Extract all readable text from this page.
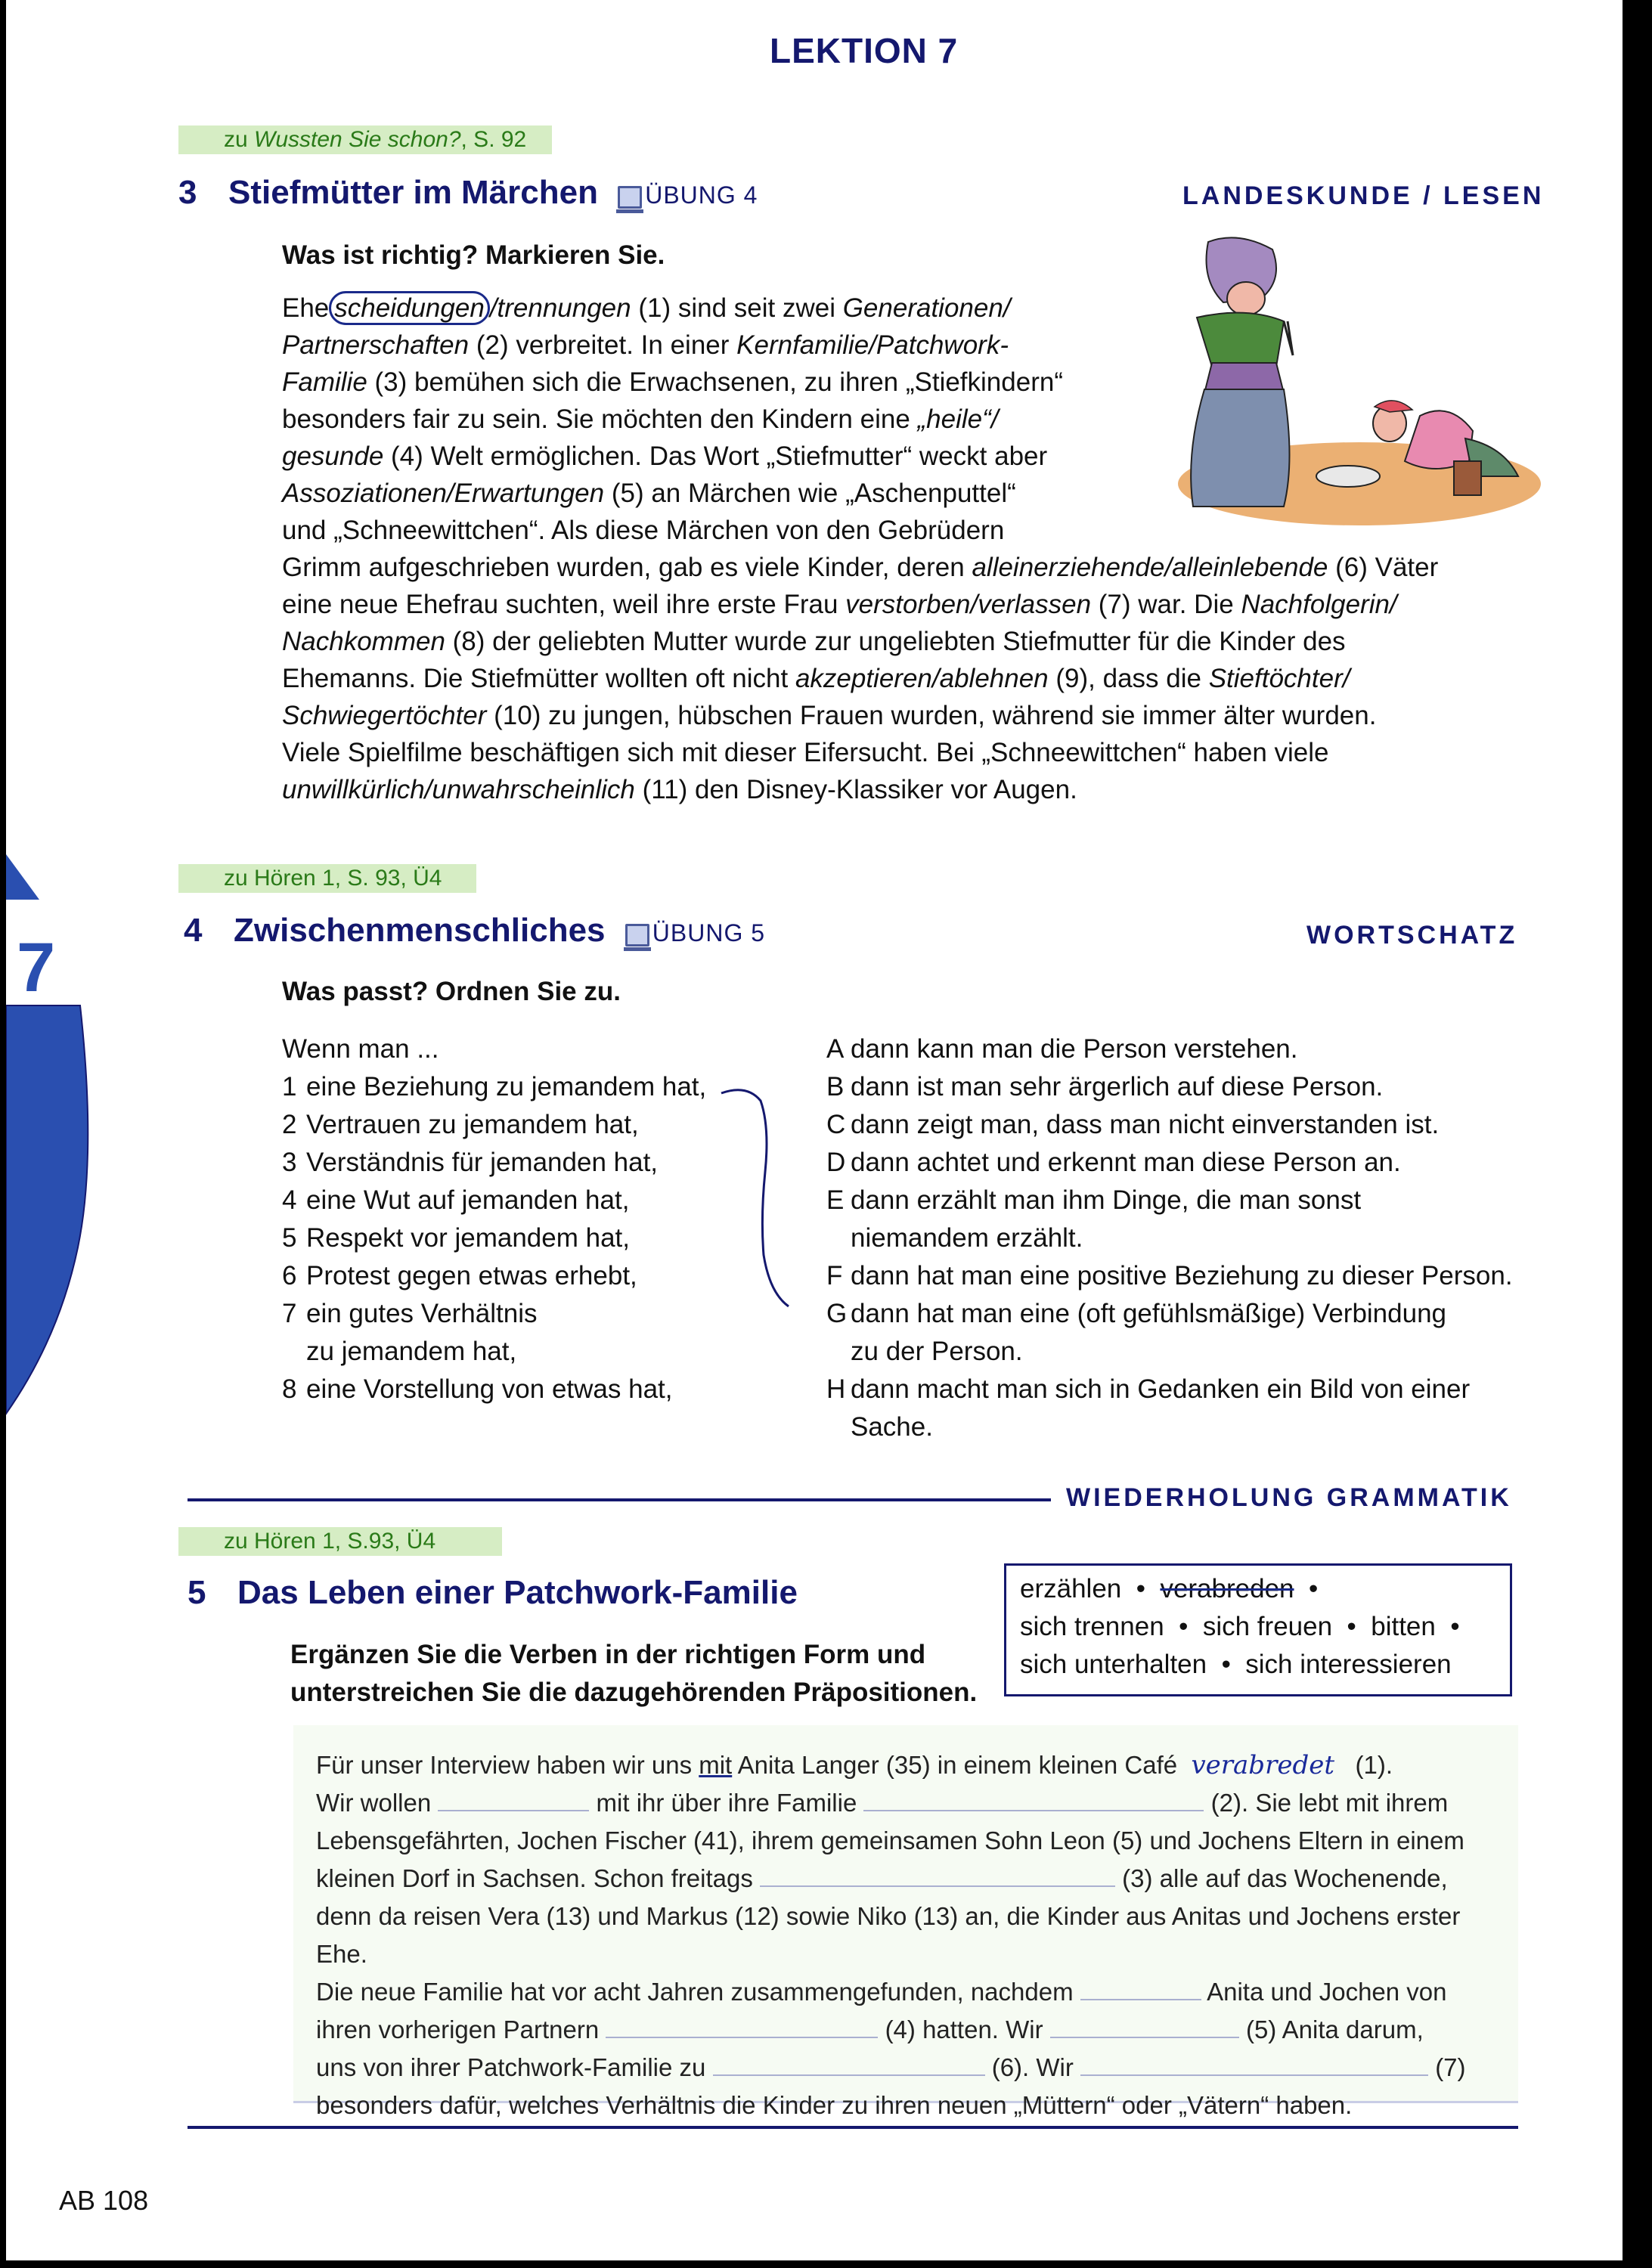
7
LEKTION 7
zu Wussten Sie schon?, S. 92
3 Stiefmütter im Märchen ÜBUNG 4	LANDESKUNDE / LESEN
Was ist richtig? Markieren Sie.
Ehe scheidungen /trennungen (1) sind seit zwei Generationen/
Partnerschaften (2) verbreitet. In einer Kernfamilie/Patchwork-
Familie (3) bemühen sich die Erwachsenen, zu ihren „Stiefkindern“
besonders fair zu sein. Sie möchten den Kindern eine „heile“/
gesunde (4) Welt ermöglichen. Das Wort „Stiefmutter“ weckt aber
Assoziationen/Erwartungen (5) an Märchen wie „Aschenputtel“
und „Schneewittchen“. Als diese Märchen von den Gebrüdern
Grimm aufgeschrieben wurden, gab es viele Kinder, deren alleinerziehende/alleinlebende (6) Väter
eine neue Ehefrau suchten, weil ihre erste Frau verstorben/verlassen (7) war. Die Nachfolgerin/
Nachkommen (8) der geliebten Mutter wurde zur ungeliebten Stiefmutter für die Kinder des
Ehemanns. Die Stiefmütter wollten oft nicht akzeptieren/ablehnen (9), dass die Stieftöchter/
Schwiegertöchter (10) zu jungen, hübschen Frauen wurden, während sie immer älter wurden.
Viele Spielfilme beschäftigen sich mit dieser Eifersucht. Bei „Schneewittchen“ haben viele
unwillkürlich/unwahrscheinlich (11) den Disney-Klassiker vor Augen.
zu Hören 1, S. 93, Ü4
4 Zwischenmenschliches ÜBUNG 5	WORTSCHATZ
Was passt? Ordnen Sie zu.
Wenn man ...
1 eine Beziehung zu jemandem hat,
2 Vertrauen zu jemandem hat,
3 Verständnis für jemanden hat,
4 eine Wut auf jemanden hat,
5 Respekt vor jemandem hat,
6 Protest gegen etwas erhebt,
7 ein gutes Verhältnis
zu jemandem hat,
8 eine Vorstellung von etwas hat,
A dann kann man die Person verstehen.
B dann ist man sehr ärgerlich auf diese Person.
C dann zeigt man, dass man nicht einverstanden ist.
D dann achtet und erkennt man diese Person an.
E dann erzählt man ihm Dinge, die man sonst
niemandem erzählt.
F dann hat man eine positive Beziehung zu dieser Person.
G dann hat man eine (oft gefühlsmäßige) Verbindung
zu der Person.
H dann macht man sich in Gedanken ein Bild von einer
Sache.
WIEDERHOLUNG GRAMMATIK
zu Hören 1, S.93, Ü4
5 Das Leben einer Patchwork-Familie
Ergänzen Sie die Verben in der richtigen Form und
unterstreichen Sie die dazugehörenden Präpositionen.
erzählen • verabreden •
sich trennen • sich freuen • bitten •
sich unterhalten • sich interessieren
Für unser Interview haben wir uns mit Anita Langer (35) in einem kleinen Café verabredet (1).
Wir wollen	mit ihr über ihre Familie	(2). Sie lebt mit ihrem
Lebensgefährten, Jochen Fischer (41), ihrem gemeinsamen Sohn Leon (5) und Jochens Eltern in einem
kleinen Dorf in Sachsen. Schon freitags	(3) alle auf das Wochenende,
denn da reisen Vera (13) und Markus (12) sowie Niko (13) an, die Kinder aus Anitas und Jochens erster Ehe.
Die neue Familie hat vor acht Jahren zusammengefunden, nachdem	Anita und Jochen von
ihren vorherigen Partnern	(4) hatten. Wir	(5) Anita darum,
uns von ihrer Patchwork-Familie zu	(6). Wir	(7)
besonders dafür, welches Verhältnis die Kinder zu ihren neuen „Müttern“ oder „Vätern“ haben.
AB 108
